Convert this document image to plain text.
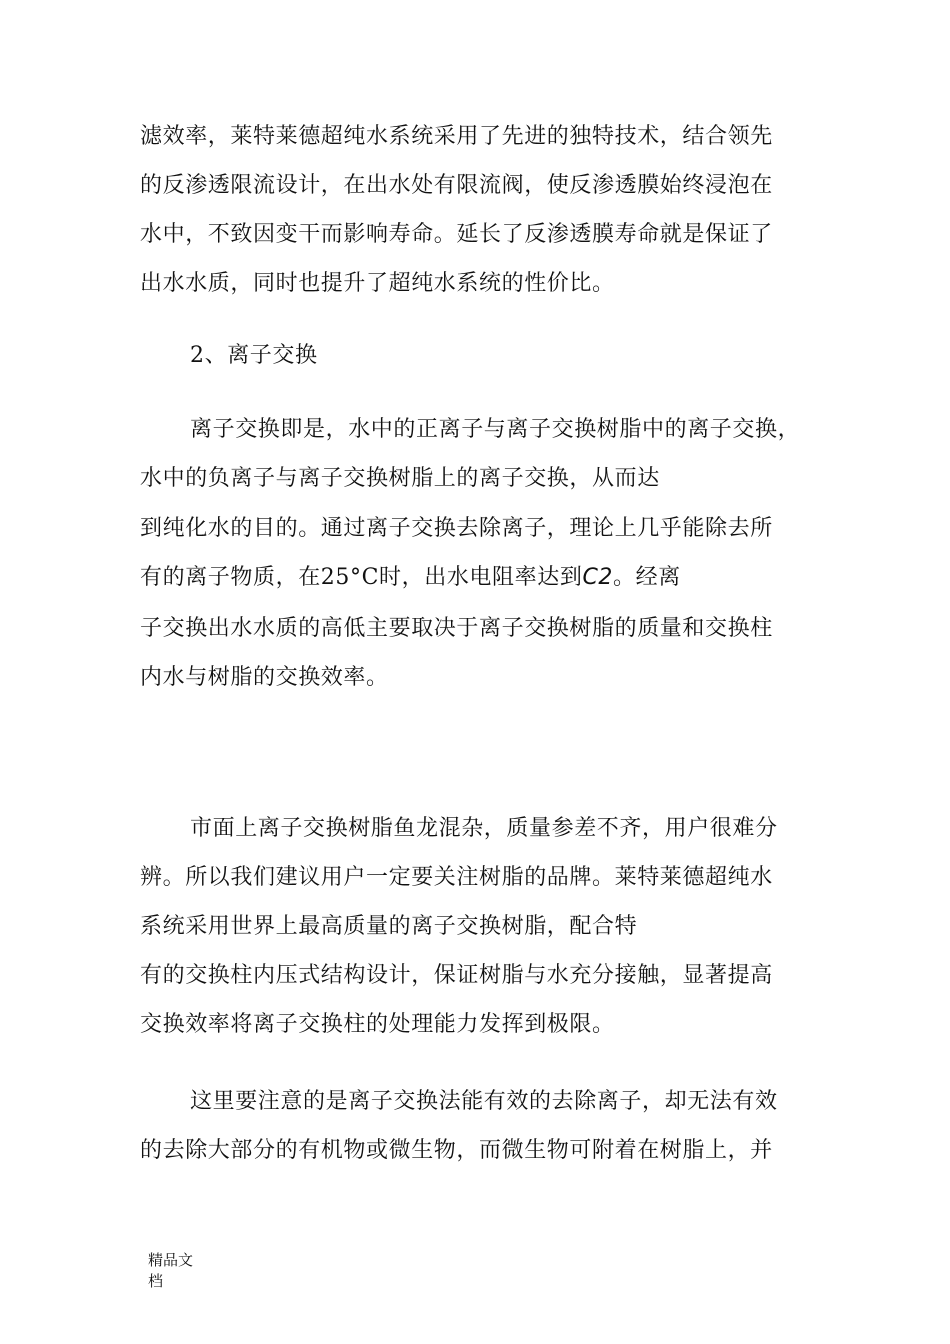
滤效率，莱特莱德超纯水系统采用了先进的独特技术，结合领先
的反渗透限流设计，在出水处有限流阀，使反渗透膜始终浸泡在
水中，不致因变干而影响寿命。延长了反渗透膜寿命就是保证了
出水水质，同时也提升了超纯水系统的性价比。
2、离子交换
离子交换即是，水中的正离子与离子交换树脂中的离子交换，
水中的负离子与离子交换树脂上的离子交换，从而达
到纯化水的目的。通过离子交换去除离子，理论上几乎能除去所
有的离子物质，在25°C时，出水电阻率达到C2。经离
子交换出水水质的高低主要取决于离子交换树脂的质量和交换柱
内水与树脂的交换效率。
市面上离子交换树脂鱼龙混杂，质量参差不齐，用户很难分
辨。所以我们建议用户一定要关注树脂的品牌。莱特莱德超纯水
系统采用世界上最高质量的离子交换树脂，配合特
有的交换柱内压式结构设计，保证树脂与水充分接触，显著提高
交换效率将离子交换柱的处理能力发挥到极限。
这里要注意的是离子交换法能有效的去除离子，却无法有效
的去除大部分的有机物或微生物，而微生物可附着在树脂上，并
精品文
档
